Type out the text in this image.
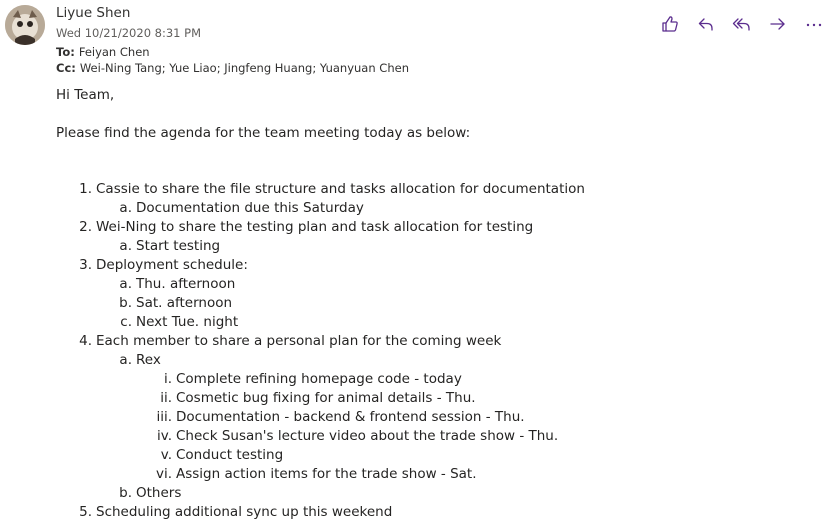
Liyue Shen
Wed 10/21/2020 8:31 PM
To: Feiyan Chen
Cc: Wei-Ning Tang; Yue Liao; Jingfeng Huang; Yuanyuan Chen

Hi Team,

Please find the agenda for the team meeting today as below:

1. Cassie to share the file structure and tasks allocation for documentation
a. Documentation due this Saturday
2. Wei-Ning to share the testing plan and task allocation for testing
a. Start testing
3. Deployment schedule:
a. Thu. afternoon
b. Sat. afternoon
c. Next Tue. night
4. Each member to share a personal plan for the coming week
a. Rex
i. Complete refining homepage code - today
ii. Cosmetic bug fixing for animal details - Thu.
iii. Documentation - backend & frontend session - Thu.
iv. Check Susan's lecture video about the trade show - Thu.
v. Conduct testing
vi. Assign action items for the trade show - Sat.
b. Others
5. Scheduling additional sync up this weekend
